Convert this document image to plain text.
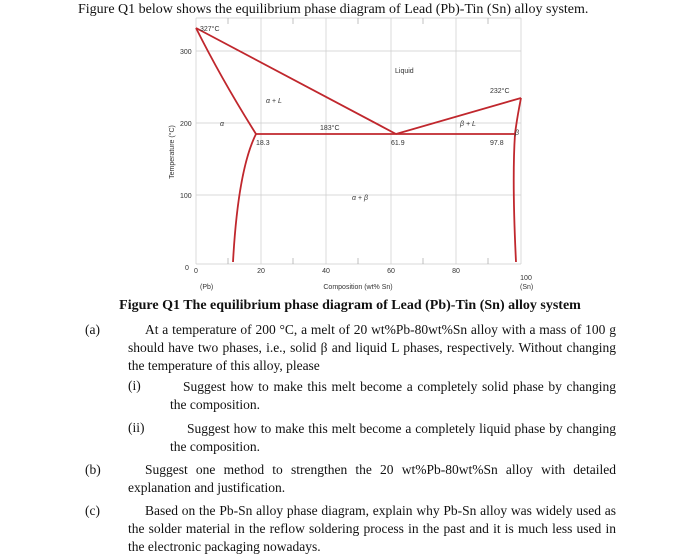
Figure Q1 below shows the equilibrium phase diagram of Lead (Pb)-Tin (Sn) alloy system.
Temperature (°C)
300
200
100
0 0	20	40	60	80
100
(Pb)	Composition (wt% Sn)	(Sn)
327°C
232°C
183°C
18.3	61.9	97.8
Liquid
α + L
β + L
α
β
α + β
Figure Q1 The equilibrium phase diagram of Lead (Pb)-Tin (Sn) alloy system
(a)	At a temperature of 200 °C, a melt of 20 wt%Pb-80wt%Sn alloy with a mass of 100 g should have two phases, i.e., solid β and liquid L phases, respectively. Without changing the temperature of this alloy, please
(i)	Suggest how to make this melt become a completely solid phase by changing the composition.
(ii)	Suggest how to make this melt become a completely liquid phase by changing the composition.
(b)	Suggest one method to strengthen the 20 wt%Pb-80wt%Sn alloy with detailed explanation and justification.
(c)	Based on the Pb-Sn alloy phase diagram, explain why Pb-Sn alloy was widely used as the solder material in the reflow soldering process in the past and it is much less used in the electronic packaging nowadays.
